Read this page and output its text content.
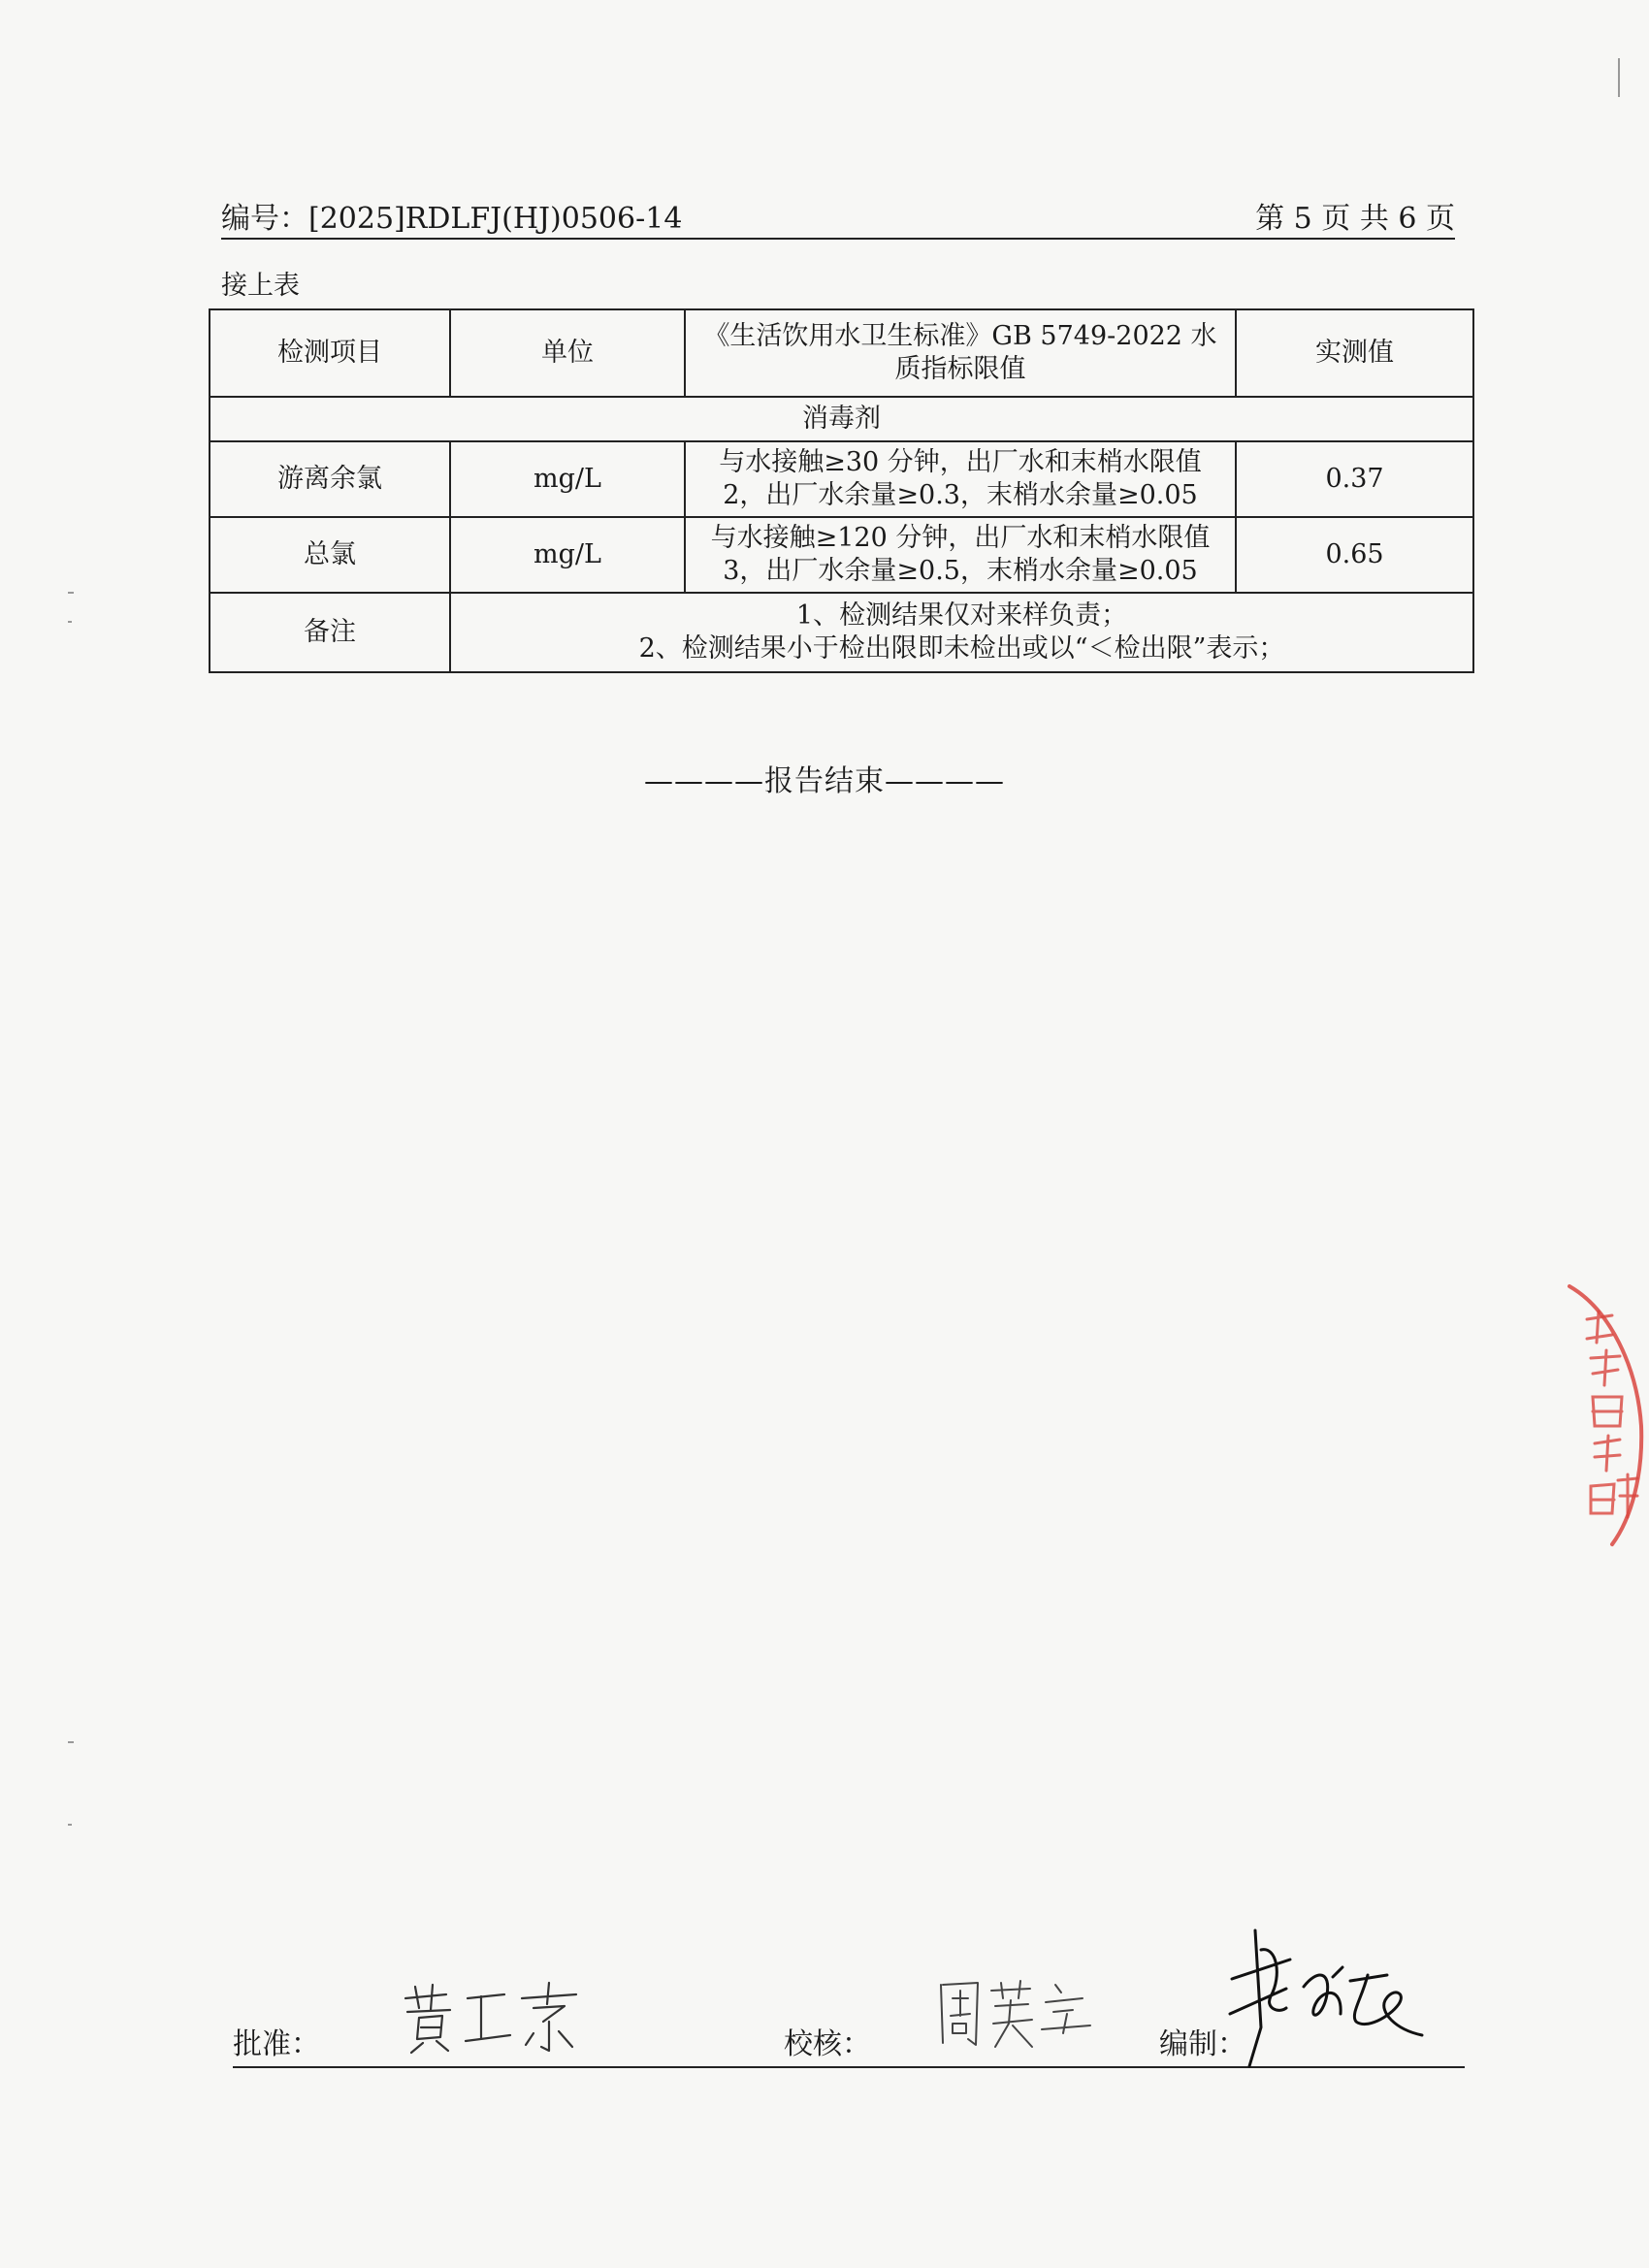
编号：[2025]RDLFJ(HJ)0506-14	第 5 页 共 6 页
接上表
检测项目	单位	《生活饮用水卫生标准》GB 5749-2022 水质指标限值	实测值
消毒剂			
游离余氯	mg/L	与水接触≥30 分钟，出厂水和末梢水限值
2，出厂水余量≥0.3，末梢水余量≥0.05	0.37
总氯	mg/L	与水接触≥120 分钟，出厂水和末梢水限值
3，出厂水余量≥0.5，末梢水余量≥0.05	0.65
备注	1、检测结果仅对来样负责；
2、检测结果小于检出限即未检出或以“＜检出限”表示；		
————报告结束————
批准：	校核：	编制：
